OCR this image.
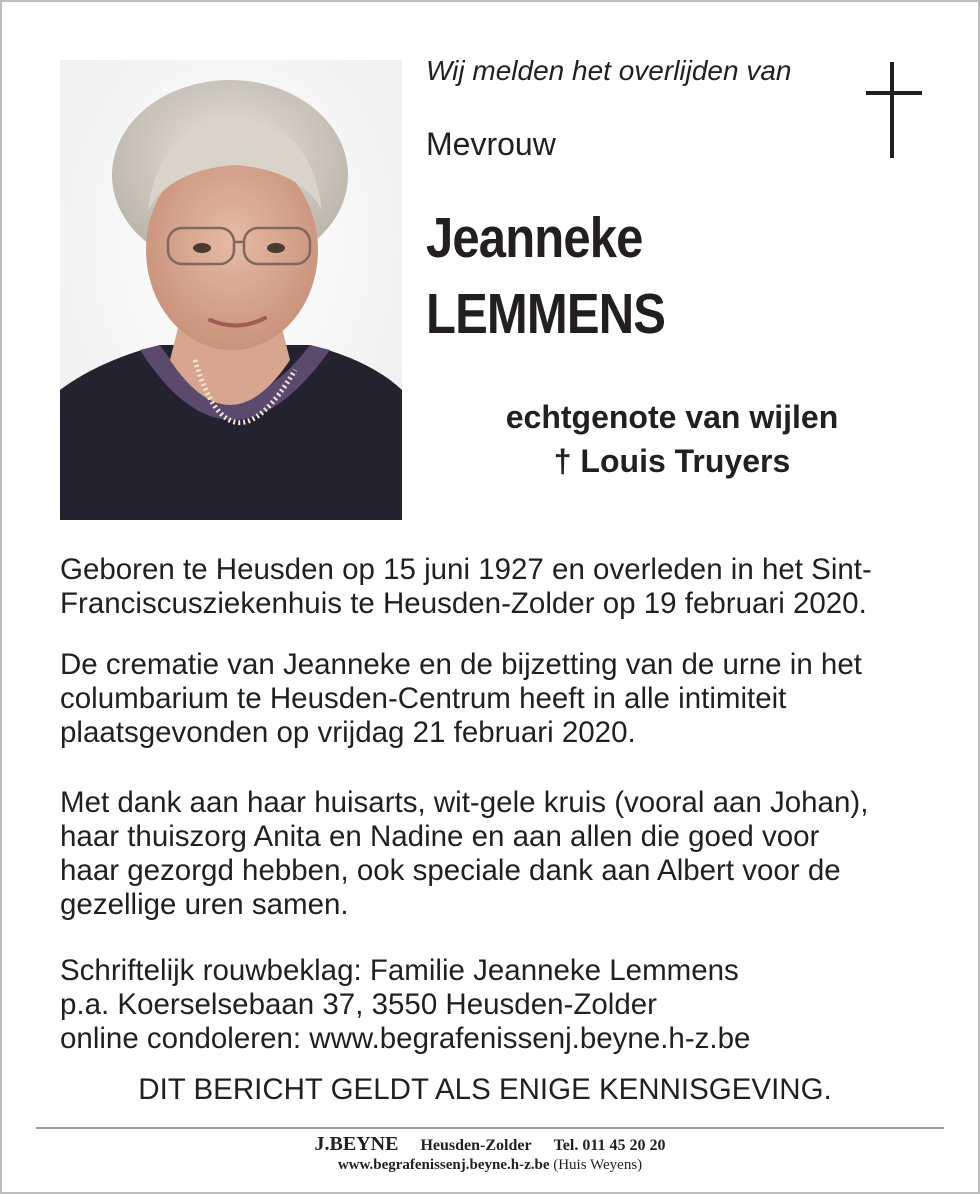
Wij melden het overlijden van
Mevrouw
Jeanneke
LEMMENS
echtgenote van wijlen
† Louis Truyers
Geboren te Heusden op 15 juni 1927 en overleden in het Sint-
Franciscusziekenhuis te Heusden-Zolder op 19 februari 2020.
De crematie van Jeanneke en de bijzetting van de urne in het
columbarium te Heusden-Centrum heeft in alle intimiteit
plaatsgevonden op vrijdag 21 februari 2020.
Met dank aan haar huisarts, wit-gele kruis (vooral aan Johan),
haar thuiszorg Anita en Nadine en aan allen die goed voor
haar gezorgd hebben, ook speciale dank aan Albert voor de
gezellige uren samen.
Schriftelijk rouwbeklag: Familie Jeanneke Lemmens
p.a. Koerselsebaan 37, 3550 Heusden-Zolder
online condoleren: www.begrafenissenj.beyne.h-z.be
DIT BERICHT GELDT ALS ENIGE KENNISGEVING.
J.BEYNE Heusden-Zolder Tel. 011 45 20 20
www.begrafenissenj.beyne.h-z.be (Huis Weyens)
